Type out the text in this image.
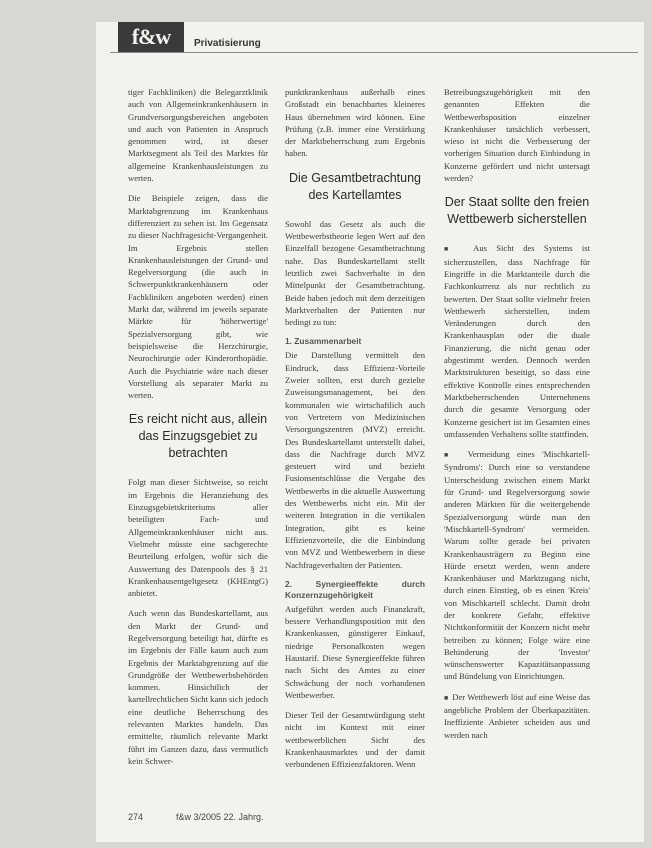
f&w	Privatisierung

tiger Fachkliniken) die Belegarztklinik auch von Allgemeinkrankenhäusern in Grundversorgungsbereichen angeboten und auch von Patienten in Anspruch genommen wird, ist dieser Marktsegment als Teil des Marktes für allgemeine Krankenhausleistungen zu werten.

Die Beispiele zeigen, dass die Marktabgrenzung im Krankenhaus differenziert zu sehen ist. Im Gegensatz zu dieser Nachfragesicht-Vergangenheit. Im Ergebnis stellen Krankenhausleistungen der Grund- und Regelversorgung (die auch in Schwerpunktkrankenhäusern oder Fachkliniken angeboten werden) einen Markt dar, während im jeweils separate Märkte für 'höherwertige' Spezialversorgung gibt, wie beispielsweise die Herzchirurgie, Neurochirurgie oder Kinderorthopädie. Auch die Psychiatrie wäre nach dieser Vorstellung als separater Markt zu werten.

Es reicht nicht aus, allein das Einzugsgebiet zu betrachten

Folgt man dieser Sichtweise, so reicht im Ergebnis die Heranziehung des Einzugsgebietskriteriums aller beteiligten Fach- und Allgemeinkrankenhäuser nicht aus. Vielmehr müsste eine sachgerechte Beurteilung erfolgen, wofür sich die Auswertung des Datenpools des § 21 Krankenhausentgeltgesetz (KHEntgG) anbietet.

Auch wenn das Bundeskartellamt, aus den Markt der Grund- und Regelversorgung beteiligt hat, dürfte es im Ergebnis der Fälle kaum auch zum Ergebnis der Marktabgrenzung auf die Grundgröße der Wettbewerbsbehörden kommen. Hinsichtlich der kartellrechtlichen Sicht kann sich jedoch eine deutliche Beherrschung des relevanten Marktes handeln. Das ermittelte, räumlich relevante Markt führt im Ganzen dazu, dass vermutlich kein Schwer-

punktkrankenhaus außerhalb eines Großstadt ein benachbartes kleineres Haus übernehmen wird können. Eine Prüfung (z.B. immer eine Verstärkung der Marktbeherrschung zum Ergebnis haben.

Die Gesamtbetrachtung des Kartellamtes

Sowohl das Gesetz als auch die Wettbewerbstheorie legen Wert auf den Einzelfall bezogene Gesamtbetrachtung nahe. Das Bundeskartellamt stellt letztlich zwei Sachverhalte in den Mittelpunkt der Gesamtbetrachtung. Beide haben jedoch mit dem derzeitigen Marktverhalten der Patienten nur bedingt zu tun:

1. Zusammenarbeit

Die Darstellung vermittelt den Eindruck, dass Effizienz-Vorteile Zweier sollten, erst durch gezielte Zuweisungsmanagement, bei den kommunalen wie wirtschaftlich auch von Vertretern von Medizinischen Versorgungszentren (MVZ) erreicht. Des Bundeskartellamt unterstellt dabei, dass die Nachfrage durch MVZ gesteuert wird und bezieht Fusionsentschlüsse die Vergabe des Wettbewerbs in die aktuelle Auswertung des Wettbewerbs nicht ein. Mit der weiteren Integration in die vertikalen Integration, gibt es keine Effizienzvorteile, die die Einbindung von MVZ und Wettbewerbern in diese Nachfrageverhalten der Patienten.

2. Synergieeffekte durch Konzernzugehörigkeit

Aufgeführt werden auch Finanzkraft, bessere Verhandlungsposition mit den Krankenkassen, günstigerer Einkauf, niedrige Personalkosten wegen Haustarif. Diese Synergieeffekte führen nach Sicht des Amtes zu einer Schwächung der noch vorhandenen Wettbewerber.

Dieser Teil der Gesamtwürdigung steht nicht im Kontext mit einer wettbewerblichen Sicht des Krankenhausmarktes und der damit verbundenen Effizienzfaktoren. Wenn

Betreibungszugehörigkeit mit den genannten Effekten die Wettbewerbsposition einzelner Krankenhäuser tatsächlich verbessert, wieso ist nicht die Verbesserung der vorherigen Situation durch Einbindung in Konzerne gefördert und nicht untersagt werden?

Der Staat sollte den freien Wettbewerb sicherstellen

■  Aus Sicht des Systems ist sicherzustellen, dass Nachfrage für Eingriffe in die Marktanteile durch die Fachkonkurrenz als nur rechtlich zu bewerten. Der Staat sollte vielmehr freien Wettbewerb sicherstellen, indem Veränderungen durch den Krankenhausplan oder die duale Finanzierung, die nicht genau oder abgestimmt werden. Dennoch werden Marktstrukturen beseitigt, so dass eine effektive Kontrolle eines entsprechenden Marktbeherrschenden Unternehmens durch die gesamte Versorgung oder Konzerne gesichert ist im Gesamten eines umfassenden Verhaltens sollte stattfinden.

■  Vermeidung eines 'Mischkartell-Syndroms': Durch eine so verstandene Unterscheidung zwischen einem Markt für Grund- und Regelversorgung sowie anderen Märkten für die weitergehende Spezialversorgung würde man den 'Mischkartell-Syndrom' vermeiden. Warum sollte gerade bei privaten Krankenhausträgern zu Beginn eine Hürde ersetzt werden, wenn andere Krankenhäuser und Marktzugang nicht, durch einen Einstieg, ob es einen 'Kreis' von Mischkartell schlecht. Damit droht der konkrete Gefahr, effektive Nichtkonformität der Konzern nicht mehr betreiben zu können; Folge wäre eine Behinderung der 'Investor' wünschenswerter Kapazitätsanpassung und Bündelung von Einrichtungen.

■  Der Wettbewerb löst auf eine Weise das angebliche Problem der Überkapazitäten. Ineffiziente Anbieter scheiden aus und werden nach

274	f&w 3/2005 22. Jahrg.
